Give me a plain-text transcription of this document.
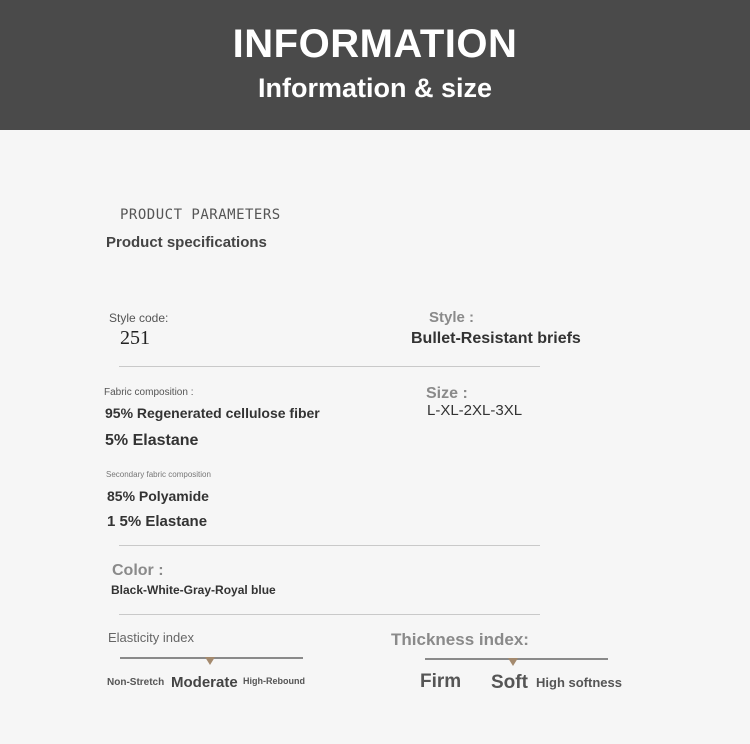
INFORMATION
Information & size
PRODUCT PARAMETERS
Product specifications
Style code:
251
Style :
Bullet-Resistant briefs
Fabric composition :
95% Regenerated cellulose fiber
5% Elastane
Size :
L-XL-2XL-3XL
Secondary fabric composition
85% Polyamide
1 5% Elastane
Color :
Black-White-Gray-Royal blue
Elasticity index
Non-Stretch Moderate High-Rebound
Thickness index:
Firm Soft High softness
